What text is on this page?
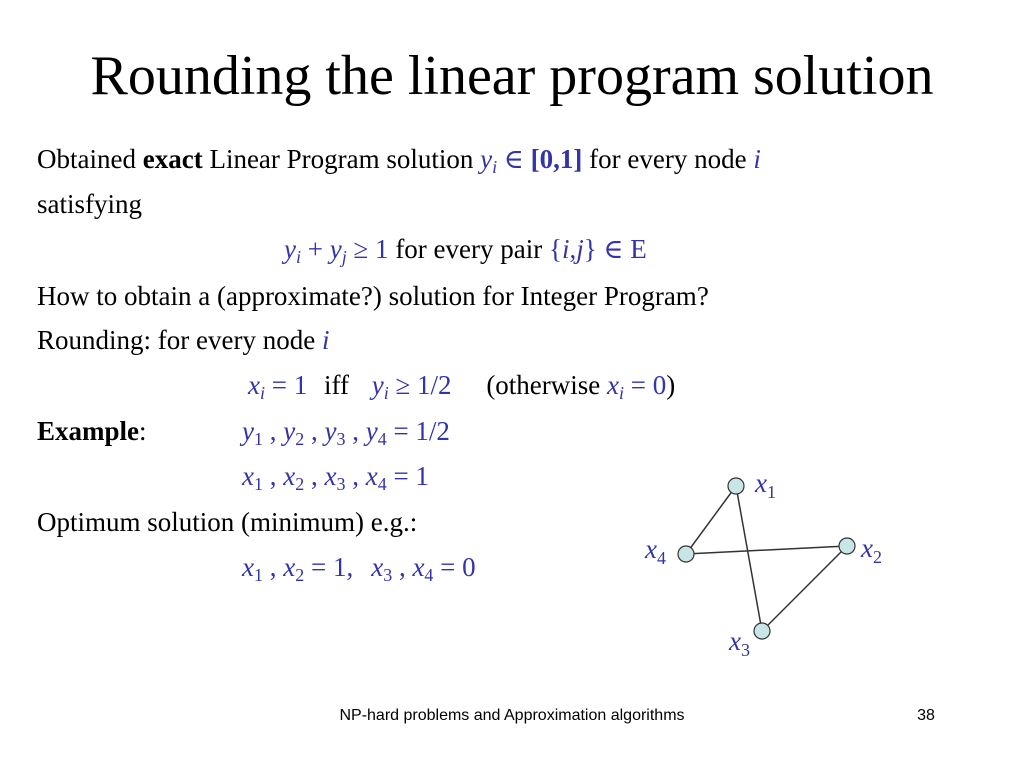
Rounding the linear program solution
Obtained exact Linear Program solution $y_i$ ∈ [0,1] for every node i
satisfying
$y_i + y_j \ge 1$ for every pair {i,j} ∈ E
How to obtain a (approximate?) solution for Integer Program?
Rounding: for every node i
$x_i = 1$ iff $y_i \ge 1/2$ (otherwise $x_i = 0$)
Example:	$y_1$ , $y_2$ , $y_3$ , $y_4 = 1/2$
$x_1$ , $x_2$ , $x_3$ , $x_4 = 1$
Optimum solution (minimum) e.g.:
$x_1$ , $x_2 = 1$, $x_3$ , $x_4 = 0$
$x_1$
$x_2$
$x_3$
$x_4$
NP-hard problems and Approximation algorithms	38
